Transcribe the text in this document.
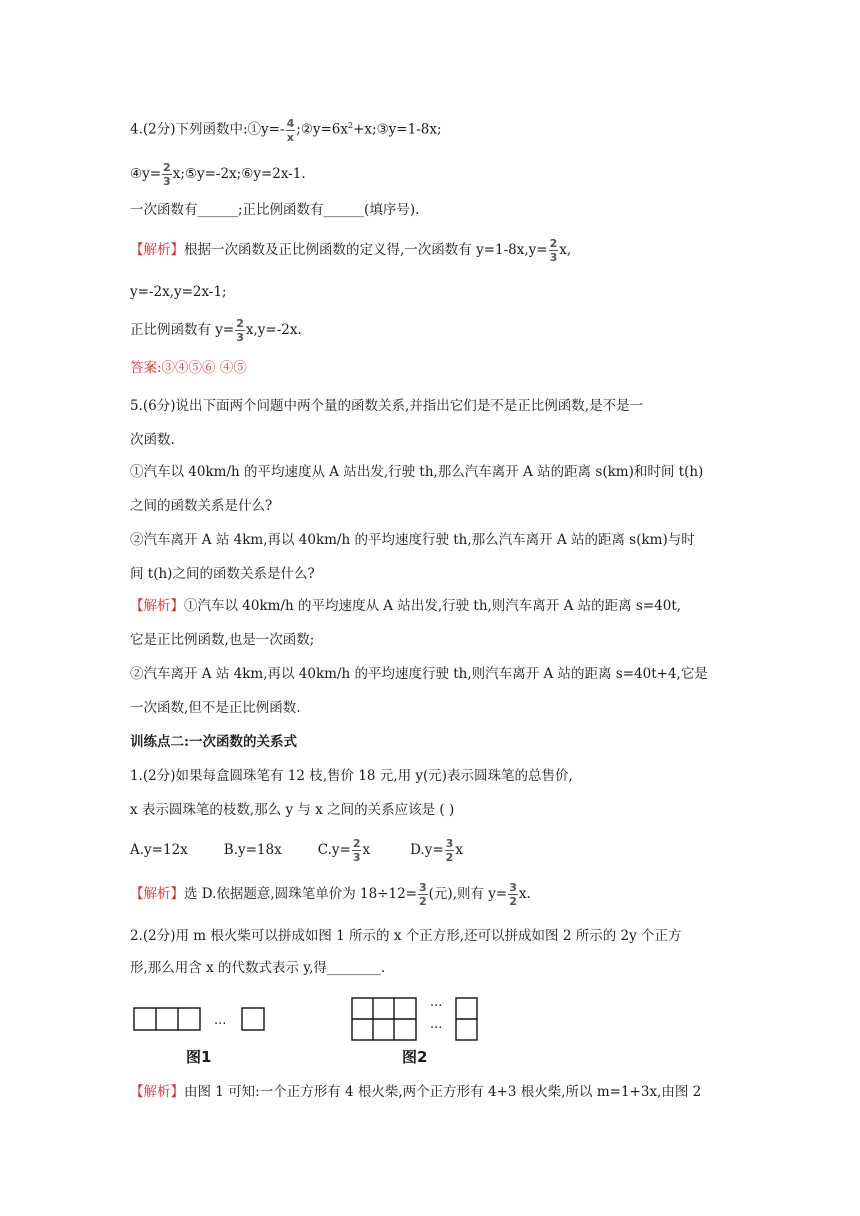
4.(2分)下列函数中:①y=- $\frac{4}{x}$ $;②y=6x^2+x;③y=1-8x$;
④y= $\frac{2}{3}$ x;⑤y=-2x;⑥y=2x-1.
一次函数有______;正比例函数有______(填序号).
【解析】根据一次函数及正比例函数的定义得,一次函数有 $y=1-8x,y= \frac{2}{3} x$,
y=-2x,y=2x-1;
正比例函数有 $y= \frac{2}{3} x,y=-2x$.
答案:③④⑤⑥ ④⑤
5.(6分)说出下面两个问题中两个量的函数关系,并指出它们是不是正比例函数,是不是一
次函数.
①汽车以 40km/h 的平均速度从 A 站出发,行驶 th,那么汽车离开 A 站的距离 s(km)和时间 t(h)
之间的函数关系是什么?
②汽车离开 A 站 4km,再以 40km/h 的平均速度行驶 th,那么汽车离开 A 站的距离 s(km)与时
间 t(h)之间的函数关系是什么?
【解析】①汽车以 40km/h 的平均速度从 A 站出发,行驶 th,则汽车离开 A 站的距离 s=40t,
它是正比例函数,也是一次函数;
②汽车离开 A 站 4km,再以 40km/h 的平均速度行驶 th,则汽车离开 A 站的距离 s=40t+4,它是
一次函数,但不是正比例函数.
训练点二:一次函数的关系式
1.(2分)如果每盒圆珠笔有 12 枝,售价 18 元,用 y(元)表示圆珠笔的总售价,
x 表示圆珠笔的枝数,那么 y 与 x 之间的关系应该是 ( )
A.y=12x	B.y=18x	$C.y= \frac{2}{3}$ x	$D.y= \frac{3}{2}$ x
【解析】选 D.依据题意,圆珠笔单价为 $18\div 12= \frac{3}{2}$ (元),则有 $y= \frac{3}{2} x$.
2.(2分)用 m 根火柴可以拼成如图 1 所示的 x 个正方形,还可以拼成如图 2 所示的 2y 个正方
形,那么用含 x 的代数式表示 y,得________.
...
图1
...
...
图2
【解析】由图 1 可知:一个正方形有 4 根火柴,两个正方形有 4+3 根火柴,所以 m=1+3x,由图 2
